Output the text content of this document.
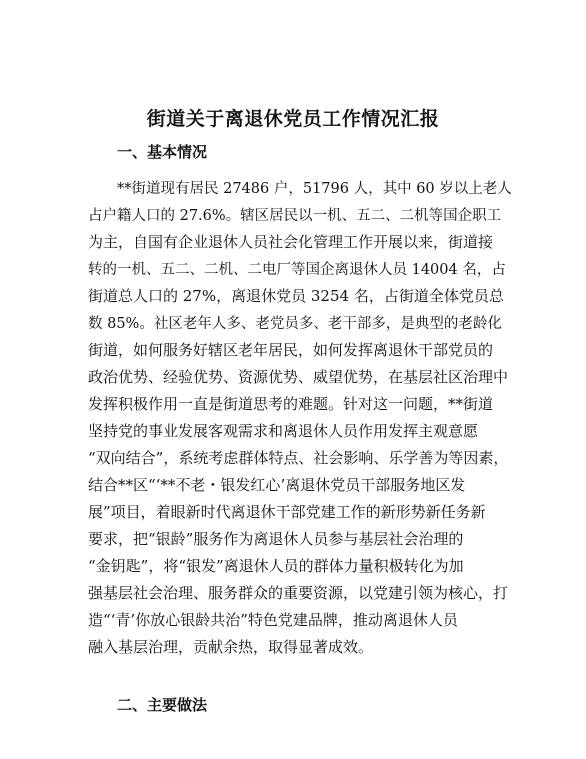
街道关于离退休党员工作情况汇报
一、基本情况
**街道现有居民 27486 户，51796 人，其中 60 岁以上老人
占户籍人口的 27.6%。辖区居民以一机、五二、二机等国企职工
为主，自国有企业退休人员社会化管理工作开展以来，街道接
转的一机、五二、二机、二电厂等国企离退休人员 14004 名，占
街道总人口的 27%，离退休党员 3254 名，占街道全体党员总
数 85%。社区老年人多、老党员多、老干部多，是典型的老龄化
街道，如何服务好辖区老年居民，如何发挥离退休干部党员的
政治优势、经验优势、资源优势、威望优势，在基层社区治理中
发挥积极作用一直是街道思考的难题。针对这一问题，**街道
坚持党的事业发展客观需求和离退休人员作用发挥主观意愿
“双向结合”，系统考虑群体特点、社会影响、乐学善为等因素，
结合**区“‘**不老・银发红心’离退休党员干部服务地区发
展”项目，着眼新时代离退休干部党建工作的新形势新任务新
要求，把“银龄”服务作为离退休人员参与基层社会治理的
“金钥匙”，将“银发”离退休人员的群体力量积极转化为加
强基层社会治理、服务群众的重要资源，以党建引领为核心，打
造“‘青’你放心银龄共治”特色党建品牌，推动离退休人员
融入基层治理，贡献余热，取得显著成效。
二、主要做法
